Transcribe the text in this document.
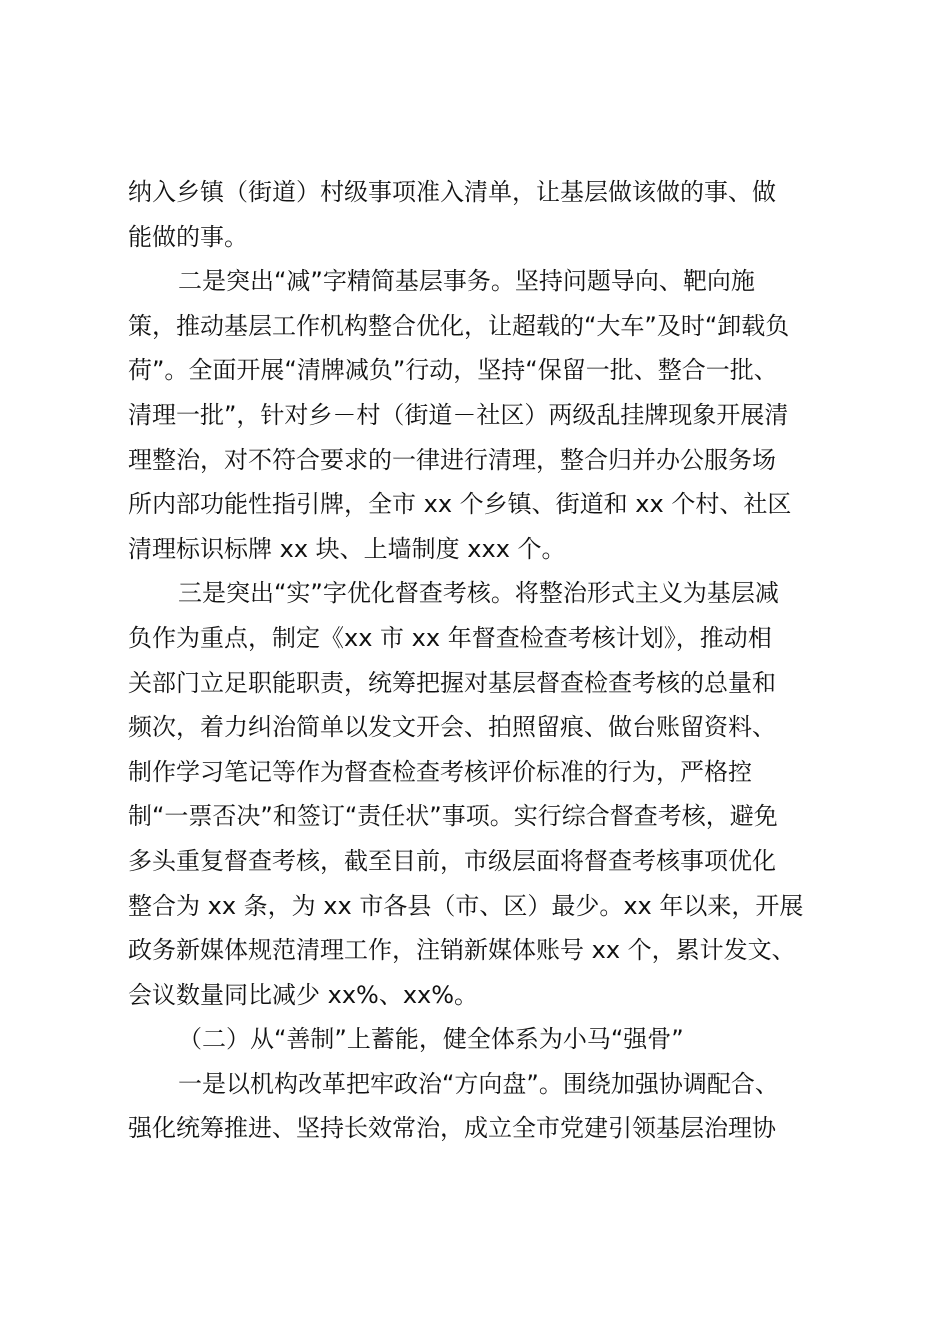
纳入乡镇（街道）村级事项准入清单，让基层做该做的事、做
能做的事。
二是突出“减”字精简基层事务。坚持问题导向、靶向施
策，推动基层工作机构整合优化，让超载的“大车”及时“卸载负
荷”。全面开展“清牌减负”行动，坚持“保留一批、整合一批、
清理一批”，针对乡－村（街道－社区）两级乱挂牌现象开展清
理整治，对不符合要求的一律进行清理，整合归并办公服务场
所内部功能性指引牌，全市 xx 个乡镇、街道和 xx 个村、社区
清理标识标牌 xx 块、上墙制度 xxx 个。
三是突出“实”字优化督查考核。将整治形式主义为基层减
负作为重点，制定《xx 市 xx 年督查检查考核计划》，推动相
关部门立足职能职责，统筹把握对基层督查检查考核的总量和
频次，着力纠治简单以发文开会、拍照留痕、做台账留资料、
制作学习笔记等作为督查检查考核评价标准的行为，严格控
制“一票否决”和签订“责任状”事项。实行综合督查考核，避免
多头重复督查考核，截至目前，市级层面将督查考核事项优化
整合为 xx 条，为 xx 市各县（市、区）最少。xx 年以来，开展
政务新媒体规范清理工作，注销新媒体账号 xx 个，累计发文、
会议数量同比减少 xx%、xx%。
（二）从“善制”上蓄能，健全体系为小马“强骨”
一是以机构改革把牢政治“方向盘”。围绕加强协调配合、
强化统筹推进、坚持长效常治，成立全市党建引领基层治理协
